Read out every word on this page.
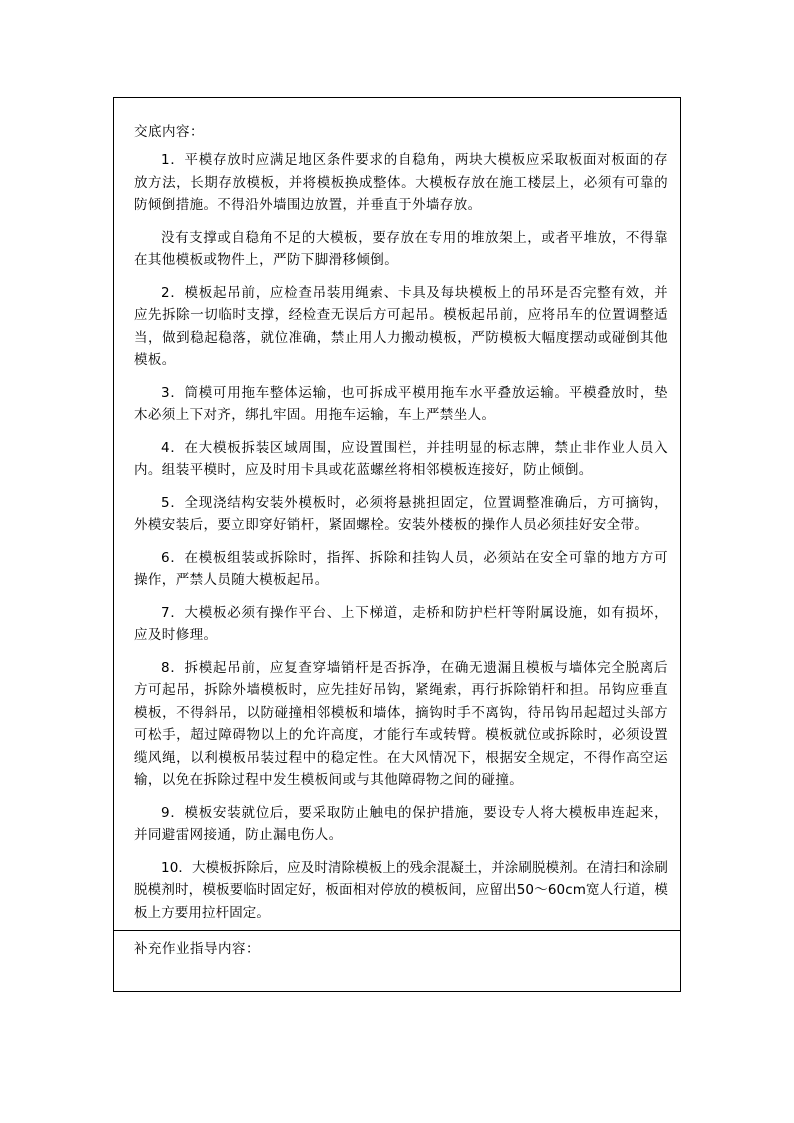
交底内容：

1．平模存放时应满足地区条件要求的自稳角，两块大模板应采取板面对板面的存放方法，长期存放模板，并将模板换成整体。大模板存放在施工楼层上，必须有可靠的防倾倒措施。不得沿外墙围边放置，并垂直于外墙存放。

没有支撑或自稳角不足的大模板，要存放在专用的堆放架上，或者平堆放，不得靠在其他模板或物件上，严防下脚滑移倾倒。

2．模板起吊前，应检查吊装用绳索、卡具及每块模板上的吊环是否完整有效，并应先拆除一切临时支撑，经检查无误后方可起吊。模板起吊前，应将吊车的位置调整适当，做到稳起稳落，就位准确，禁止用人力搬动模板，严防模板大幅度摆动或碰倒其他模板。

3．筒模可用拖车整体运输，也可拆成平模用拖车水平叠放运输。平模叠放时，垫木必须上下对齐，绑扎牢固。用拖车运输，车上严禁坐人。

4．在大模板拆装区域周围，应设置围栏，并挂明显的标志牌，禁止非作业人员入内。组装平模时，应及时用卡具或花蓝螺丝将相邻模板连接好，防止倾倒。

5．全现浇结构安装外模板时，必须将悬挑担固定，位置调整准确后，方可摘钩，外模安装后，要立即穿好销杆，紧固螺栓。安装外楼板的操作人员必须挂好安全带。

6．在模板组装或拆除时，指挥、拆除和挂钩人员，必须站在安全可靠的地方方可操作，严禁人员随大模板起吊。

7．大模板必须有操作平台、上下梯道，走桥和防护栏杆等附属设施，如有损坏，应及时修理。

8．拆模起吊前，应复查穿墙销杆是否拆净，在确无遗漏且模板与墙体完全脱离后方可起吊，拆除外墙模板时，应先挂好吊钩，紧绳索，再行拆除销杆和担。吊钩应垂直模板，不得斜吊，以防碰撞相邻模板和墙体，摘钩时手不离钩，待吊钩吊起超过头部方可松手，超过障碍物以上的允许高度，才能行车或转臂。模板就位或拆除时，必须设置缆风绳，以利模板吊装过程中的稳定性。在大风情况下，根据安全规定，不得作高空运输，以免在拆除过程中发生模板间或与其他障碍物之间的碰撞。

9．模板安装就位后，要采取防止触电的保护措施，要设专人将大模板串连起来，并同避雷网接通，防止漏电伤人。

10．大模板拆除后，应及时清除模板上的残余混凝土，并涂刷脱模剂。在清扫和涂刷脱模剂时，模板要临时固定好，板面相对停放的模板间，应留出50～60cm宽人行道，模板上方要用拉杆固定。

补充作业指导内容：
